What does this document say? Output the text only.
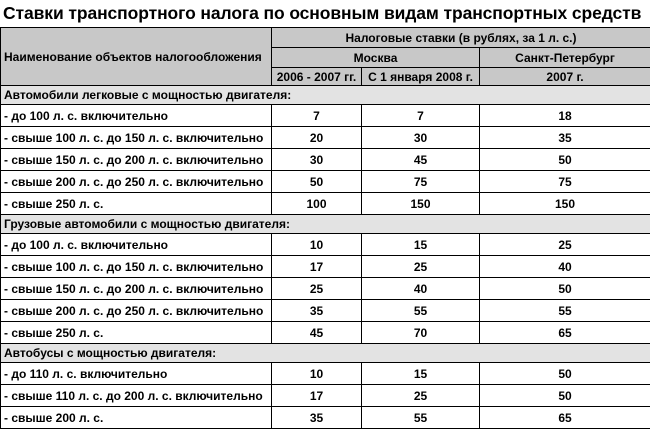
Ставки транспортного налога по основным видам транспортных средств
Наименование объектов налогообложения	Налоговые ставки (в рублях, за 1 л. с.)		
	Москва		Санкт-Петербург
	2006 - 2007 гг.	С 1 января 2008 г.	2007 г.
Автомобили легковые с мощностью двигателя:			
- до 100 л. с. включительно	7	7	18
- свыше 100 л. с. до 150 л. с. включительно	20	30	35
- свыше 150 л. с. до 200 л. с. включительно	30	45	50
- свыше 200 л. с. до 250 л. с. включительно	50	75	75
- свыше 250 л. с.	100	150	150
Грузовые автомобили с мощностью двигателя:			
- до 100 л. с. включительно	10	15	25
- свыше 100 л. с. до 150 л. с. включительно	17	25	40
- свыше 150 л. с. до 200 л. с. включительно	25	40	50
- свыше 200 л. с. до 250 л. с. включительно	35	55	55
- свыше 250 л. с.	45	70	65
Автобусы с мощностью двигателя:			
- до 110 л. с. включительно	10	15	50
- свыше 110 л. с. до 200 л. с. включительно	17	25	50
- свыше 200 л. с.	35	55	65
